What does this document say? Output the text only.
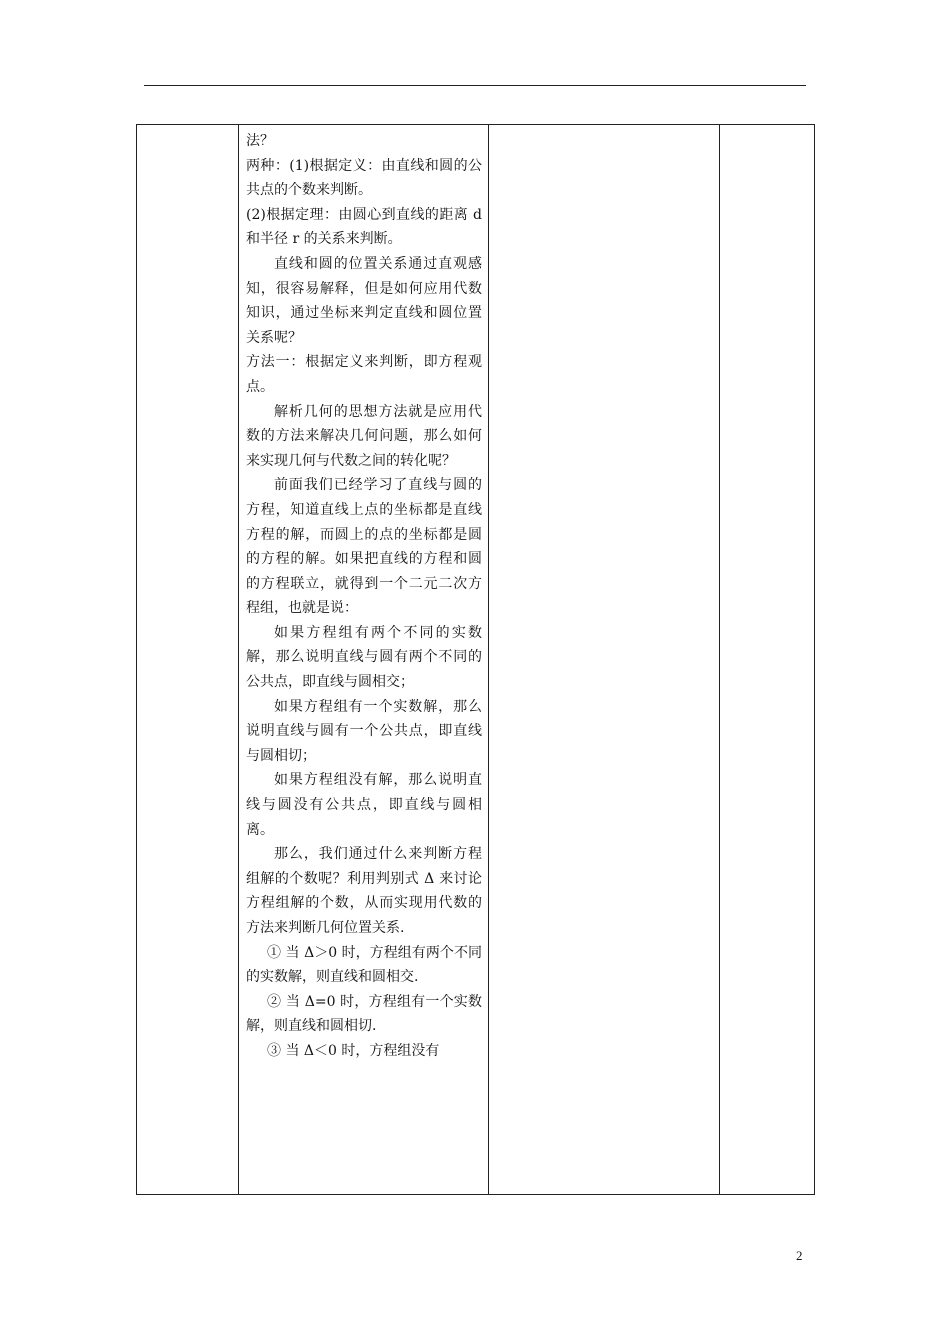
法？

两种：(1)根据定义：由直线和圆的公共点的个数来判断。

(2)根据定理：由圆心到直线的距离 d 和半径 r 的关系来判断。

直线和圆的位置关系通过直观感知，很容易解释，但是如何应用代数知识，通过坐标来判定直线和圆位置关系呢？

方法一：根据定义来判断，即方程观点。

解析几何的思想方法就是应用代数的方法来解决几何问题，那么如何来实现几何与代数之间的转化呢？

前面我们已经学习了直线与圆的方程，知道直线上点的坐标都是直线方程的解，而圆上的点的坐标都是圆的方程的解。如果把直线的方程和圆的方程联立，就得到一个二元二次方程组，也就是说：

如果方程组有两个不同的实数解，那么说明直线与圆有两个不同的公共点，即直线与圆相交；

如果方程组有一个实数解，那么说明直线与圆有一个公共点，即直线与圆相切；

如果方程组没有解，那么说明直线与圆没有公共点，即直线与圆相离。

那么，我们通过什么来判断方程组解的个数呢？利用判别式 Δ 来讨论方程组解的个数，从而实现用代数的方法来判断几何位置关系.

① 当 Δ＞0 时，方程组有两个不同的实数解，则直线和圆相交.

② 当 Δ=0 时，方程组有一个实数解，则直线和圆相切.

③ 当 Δ＜0 时，方程组没有

2
